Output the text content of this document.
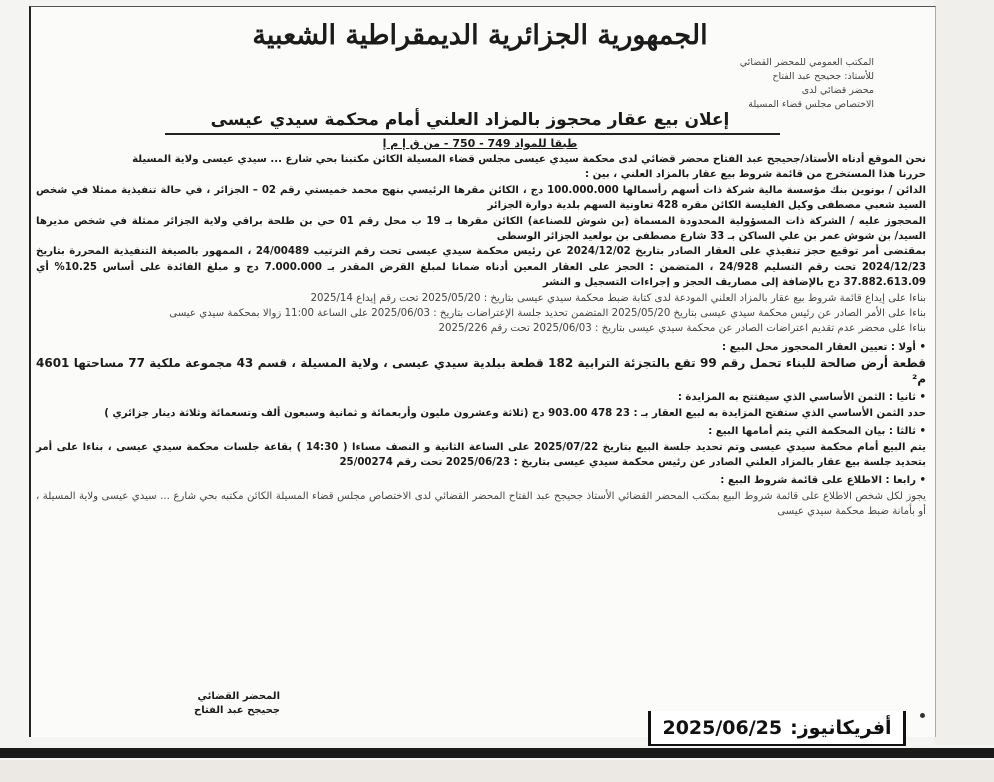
الجمهورية الجزائرية الديمقراطية الشعبية
المكتب العمومي للمحضر القضائي
للأستاذ: جحيجح عبد الفتاح
محضر قضائي لدى
الاختصاص مجلس قضاء المسيلة
إعلان بيع عقار محجوز بالمزاد العلني أمام محكمة سيدي عيسى
طبقا للمواد 749 - 750 - من ق إ م إ

نحن الموقع أدناه الأستاذ/جحيجح عبد الفتاح محضر قضائي لدى محكمة سيدي عيسى مجلس قضاء المسيلة الكائن مكتبنا بحي شارع ... سيدي عيسى ولاية المسيلة

حررنا هذا المستخرج من قائمة شروط بيع عقار بالمزاد العلني ، بين :

الدائن / بونوين بنك مؤسسة مالية شركة ذات أسهم رأسمالها 100.000.000 دج ، الكائن مقرها الرئيسي بنهج محمد خميستي رقم 02 – الجزائر ، في حالة تنفيذية ممثلا في شخص السيد شعبي مصطفى وكيل الفليسة الكائن مقره 428 تعاونية السهم بلدية دوارة الجزائر

المحجوز عليه / الشركة ذات المسؤولية المحدودة المسماة (بن شوش للصناعة) الكائن مقرها بـ 19 ب محل رقم 01 حي بن طلحة براقي ولاية الجزائر ممثلة في شخص مديرها السيد/ بن شوش عمر بن علي الساكن بـ 33 شارع مصطفى بن بولعيد الجزائر الوسطى

بمقتضى أمر توقيع حجز تنفيذي على العقار الصادر بتاريخ 2024/12/02 عن رئيس محكمة سيدي عيسى تحت رقم الترتيب 24/00489 ، الممهور بالصيغة التنفيذية المحررة بتاريخ 2024/12/23 تحت رقم التسليم 24/928 ، المتضمن : الحجز على العقار المعين أدناه ضمانا لمبلغ القرض المقدر بـ 7.000.000 دج و مبلغ الفائدة على أساس 10.25% أي 37.882.613.09 دج بالإضافة إلى مصاريف الحجز و إجراءات التسجيل و النشر

بناءا على إيداع قائمة شروط بيع عقار بالمزاد العلني المودعة لدى كتابة ضبط محكمة سيدي عيسى بتاريخ : 2025/05/20 تحت رقم إيداع 2025/14

بناءا على الأمر الصادر عن رئيس محكمة سيدي عيسى بتاريخ 2025/05/20 المتضمن تحديد جلسة الإعتراضات بتاريخ : 2025/06/03 على الساعة 11:00 زوالا بمحكمة سيدي عيسى

بناءا على محضر عدم تقديم اعتراضات الصادر عن محكمة سيدي عيسى بتاريخ : 2025/06/03 تحت رقم 2025/226

• أولا : تعيين العقار المحجوز محل البيع :

قطعة أرض صالحة للبناء تحمل رقم 99 تقع بالتجزئة الترابية 182 قطعة ببلدية سيدي عيسى ، ولاية المسيلة ، قسم 43 مجموعة ملكية 77 مساحتها 4601 م²

• ثانيا : الثمن الأساسي الذي سيفتتح به المزايدة :

حدد الثمن الأساسي الذي ستفتح المزايدة به لبيع العقار بـ : 23 478 903.00 دج (ثلاثة وعشرون مليون وأربعمائة و ثمانية وسبعون ألف وتسعمائة وثلاثة دينار جزائري )

• ثالثا : بيان المحكمة التي يتم أمامها البيع :

يتم البيع أمام محكمة سيدي عيسى وتم تحديد جلسة البيع بتاريخ 2025/07/22 على الساعة الثانية و النصف مساءا ( 14:30 ) بقاعة جلسات محكمة سيدي عيسى ، بناءا على أمر بتحديد جلسة بيع عقار بالمزاد العلني الصادر عن رئيس محكمة سيدي عيسى بتاريخ : 2025/06/23 تحت رقم 25/00274

• رابعا : الاطلاع على قائمة شروط البيع :

يجوز لكل شخص الاطلاع على قائمة شروط البيع بمكتب المحضر القضائي الأستاذ جحيجح عبد الفتاح المحضر القضائي لدى الاختصاص مجلس قضاء المسيلة الكائن مكتبه بحي شارع ... سيدي عيسى ولاية المسيلة ، أو بأمانة ضبط محكمة سيدي عيسى

المحضر القضائي
جحيجح عبد الفتاح
أفريكانيوز:
2025/06/25
